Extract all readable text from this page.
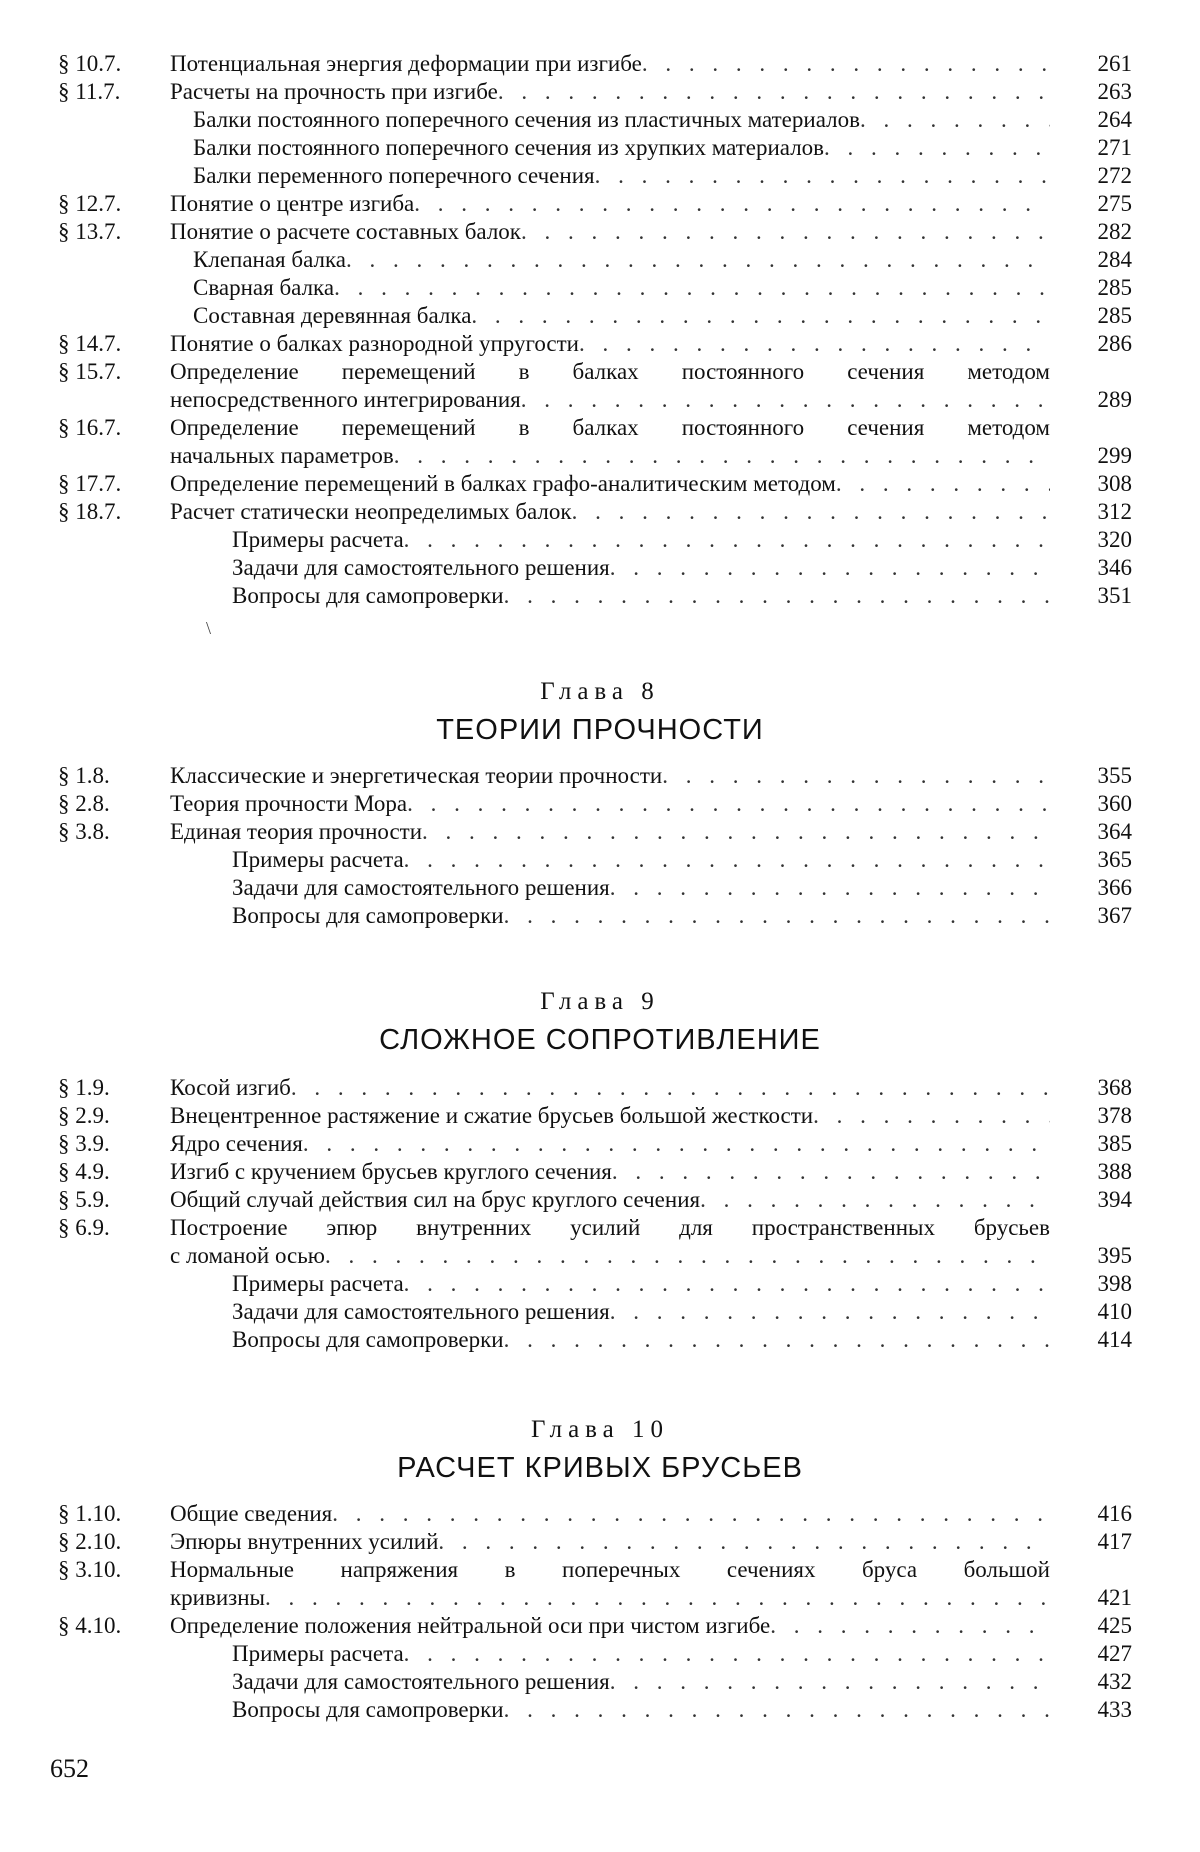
§ 10.7. Потенциальная энергия деформации при изгибе . . .	261
§ 11.7. Расчеты на прочность при изгибе . . .	263
Балки постоянного поперечного сечения из пластичных материалов . . .	264
Балки постоянного поперечного сечения из хрупких материалов . . .	271
Балки переменного поперечного сечения . . .	272
§ 12.7. Понятие о центре изгиба . . .	275
§ 13.7. Понятие о расчете составных балок . . .	282
Клепаная балка . . .	284
Сварная балка . . .	285
Составная деревянная балка . . .	285
§ 14.7. Понятие о балках разнородной упругости . . .	286
§ 15.7. Определение перемещений в балках постоянного сечения методом
непосредственного интегрирования . . .	289
§ 16.7. Определение перемещений в балках постоянного сечения методом
начальных параметров . . .	299
§ 17.7. Определение перемещений в балках графо-аналитическим методом . . .	308
§ 18.7. Расчет статически неопределимых балок . . .	312
Примеры расчета . . .	320
Задачи для самостоятельного решения . . .	346
Вопросы для самопроверки . . .	351
\
Глава 8
ТЕОРИИ ПРОЧНОСТИ
§ 1.8.	Классические и энергетическая теории прочности . . .	355
§ 2.8.	Теория прочности Мора . . .	360
§ 3.8.	Единая теория прочности . . .	364
Примеры расчета . . .	365
Задачи для самостоятельного решения . . .	366
Вопросы для самопроверки . . .	367
Глава 9
СЛОЖНОЕ СОПРОТИВЛЕНИЕ
§ 1.9.	Косой изгиб . . .	368
§ 2.9.	Внецентренное растяжение и сжатие брусьев большой жесткости . . .	378
§ 3.9.	Ядро сечения . . .	385
§ 4.9.	Изгиб с кручением брусьев круглого сечения . . .	388
§ 5.9.	Общий случай действия сил на брус круглого сечения . . .	394
§ 6.9.	Построение эпюр внутренних усилий для пространственных брусьев
с ломаной осью . . .	395
Примеры расчета . . .	398
Задачи для самостоятельного решения . . .	410
Вопросы для самопроверки . . .	414
Глава 10
РАСЧЕТ КРИВЫХ БРУСЬЕВ
§ 1.10. Общие сведения . . .	416
§ 2.10. Эпюры внутренних усилий . . .	417
§ 3.10. Нормальные напряжения в поперечных сечениях бруса большой
кривизны . . .	421
§ 4.10. Определение положения нейтральной оси при чистом изгибе . . .	425
Примеры расчета . . .	427
Задачи для самостоятельного решения . . .	432
Вопросы для самопроверки . . .	433
652
